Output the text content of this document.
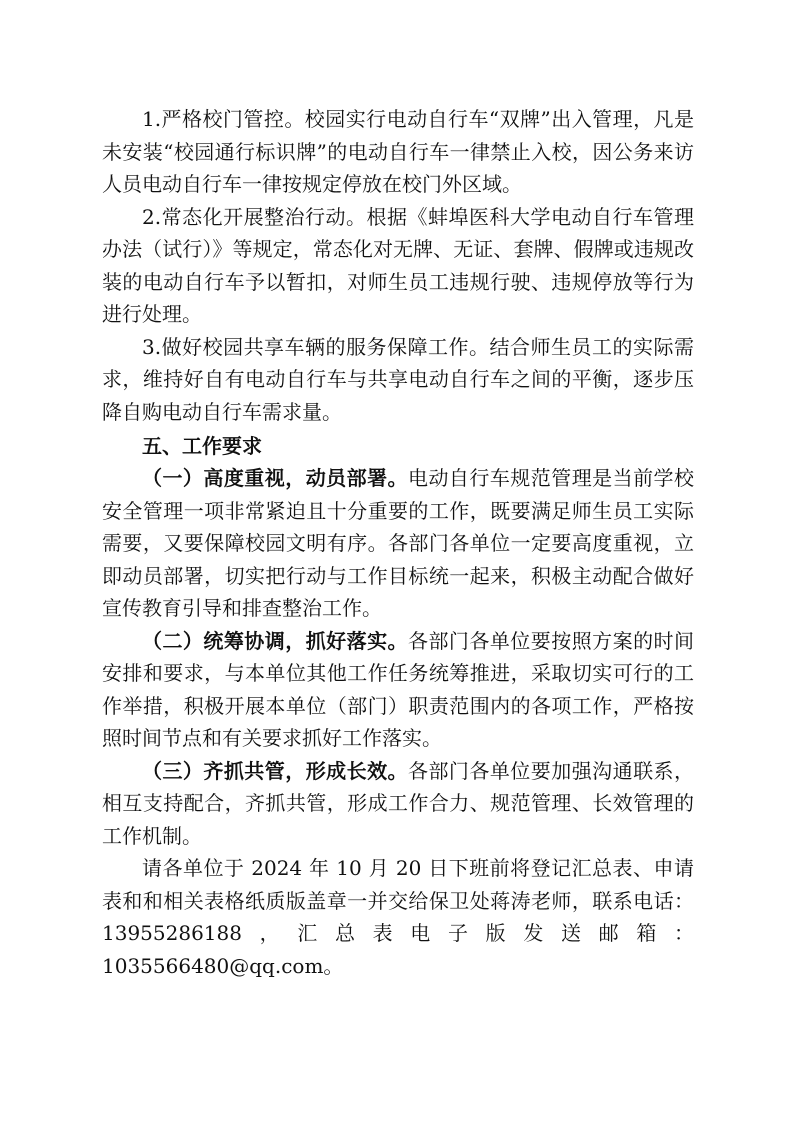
1.严格校门管控。校园实行电动自行车“双牌”出入管理，凡是未安装“校园通行标识牌”的电动自行车一律禁止入校，因公务来访人员电动自行车一律按规定停放在校门外区域。

2.常态化开展整治行动。根据《蚌埠医科大学电动自行车管理办法（试行）》等规定，常态化对无牌、无证、套牌、假牌或违规改装的电动自行车予以暂扣，对师生员工违规行驶、违规停放等行为进行处理。

3.做好校园共享车辆的服务保障工作。结合师生员工的实际需求，维持好自有电动自行车与共享电动自行车之间的平衡，逐步压降自购电动自行车需求量。

五、工作要求

（一）高度重视，动员部署。电动自行车规范管理是当前学校安全管理一项非常紧迫且十分重要的工作，既要满足师生员工实际需要，又要保障校园文明有序。各部门各单位一定要高度重视，立即动员部署，切实把行动与工作目标统一起来，积极主动配合做好宣传教育引导和排查整治工作。

（二）统筹协调，抓好落实。各部门各单位要按照方案的时间安排和要求，与本单位其他工作任务统筹推进，采取切实可行的工作举措，积极开展本单位（部门）职责范围内的各项工作，严格按照时间节点和有关要求抓好工作落实。

（三）齐抓共管，形成长效。各部门各单位要加强沟通联系，相互支持配合，齐抓共管，形成工作合力、规范管理、长效管理的工作机制。

请各单位于 2024 年 10 月 20 日下班前将登记汇总表、申请表和和相关表格纸质版盖章一并交给保卫处蒋涛老师，联系电话：13955286188，汇总表电子版发送邮箱：1035566480@qq.com。
